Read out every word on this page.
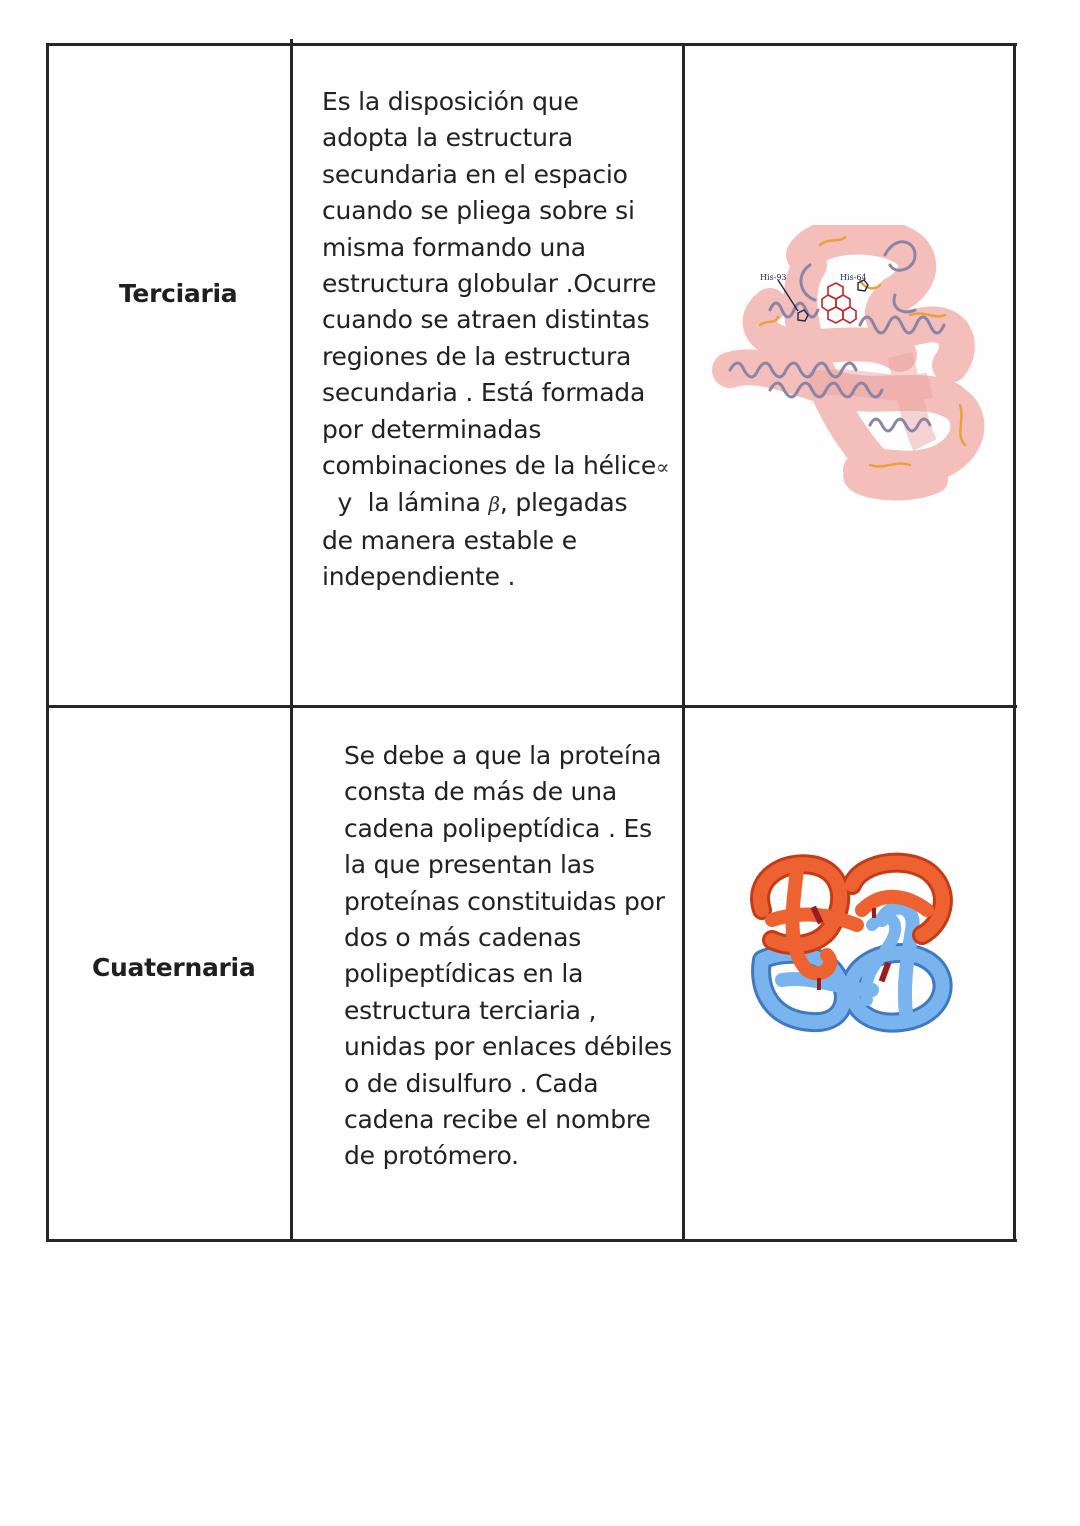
Terciaria
Es la disposición que
adopta la estructura
secundaria en el espacio
cuando se pliega sobre si
misma formando una
estructura globular .Ocurre
cuando se atraen distintas
regiones de la estructura
secundaria . Está formada
por determinadas
combinaciones de la hélice∝
y  la lámina β, plegadas
de manera estable e
independiente .
His-93	His-64
Cuaternaria
Se debe a que la proteína
consta de más de una
cadena polipeptídica . Es
la que presentan las
proteínas constituidas por
dos o más cadenas
polipeptídicas en la
estructura terciaria ,
unidas por enlaces débiles
o de disulfuro . Cada
cadena recibe el nombre
de protómero.
